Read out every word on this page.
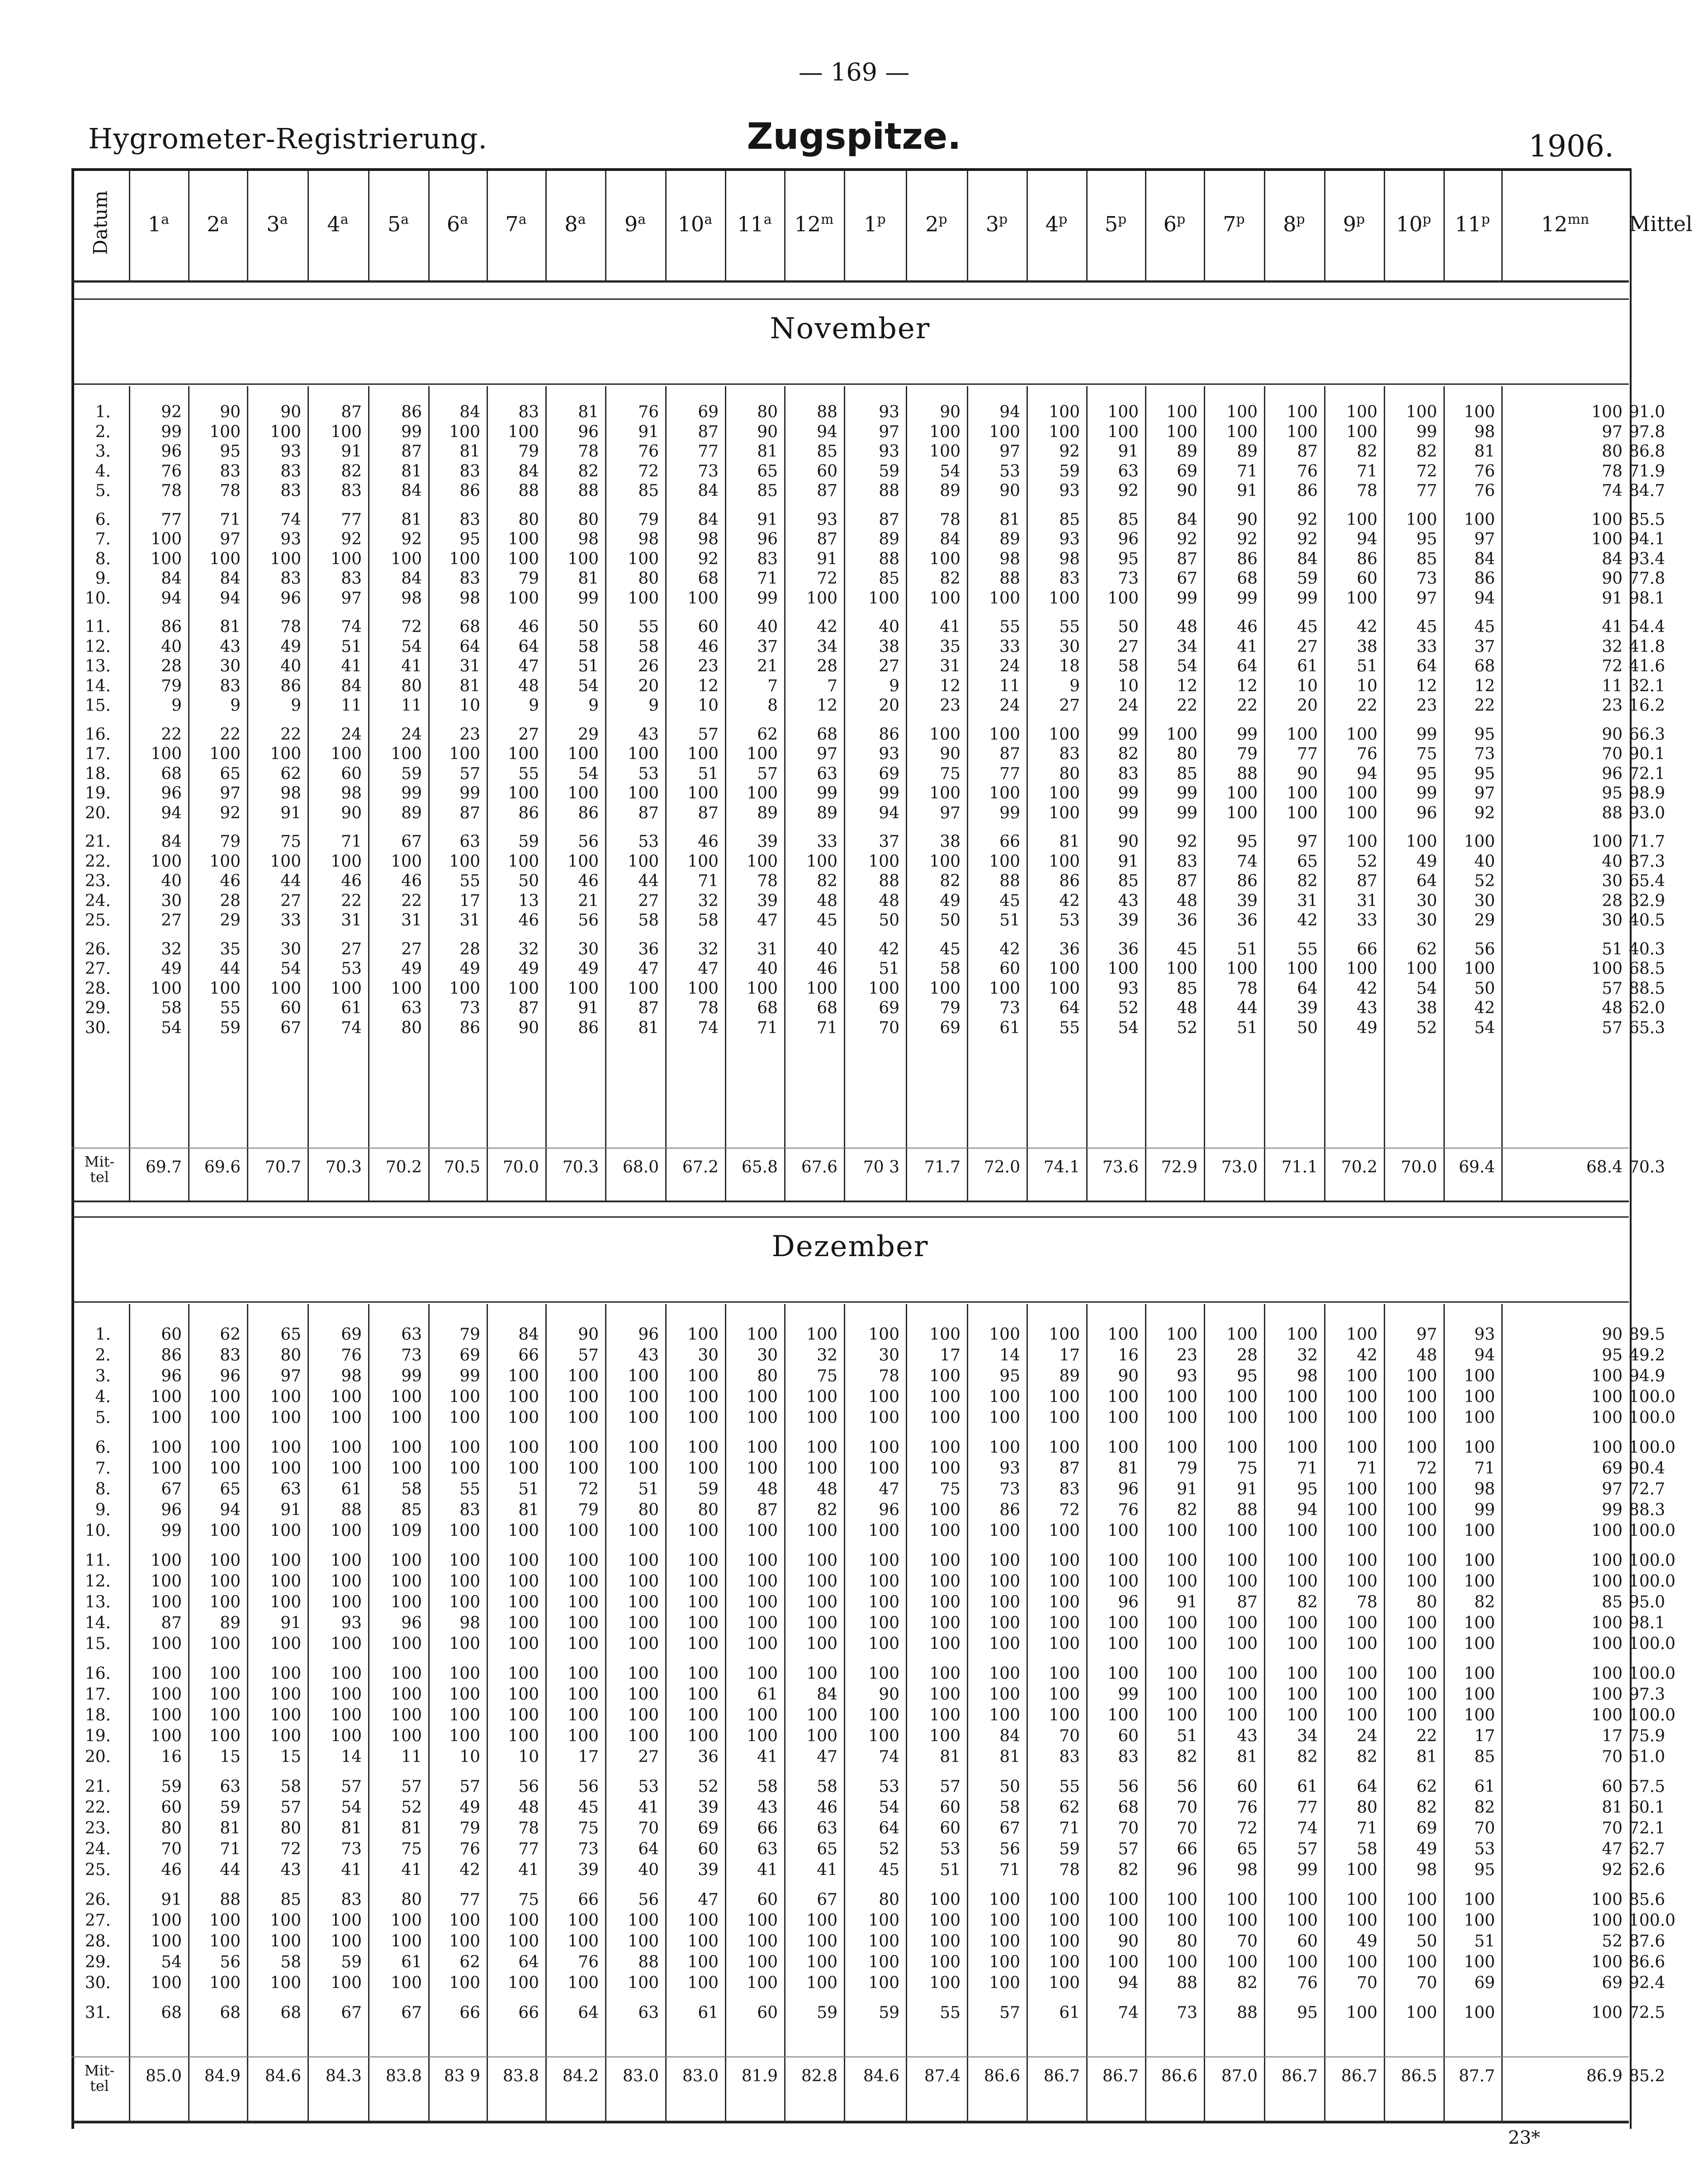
— 169 —
Hygrometer-Registrierung.	Zugspitze.	1906.
Datum	1$^a$	2$^a$	3$^a$	4$^a$	5$^a$	6$^a$	7$^a$	8$^a$	9$^a$	10$^a$	11$^a$	12$^m$	1$^p$	2$^p$	3$^p$	4$^p$	5$^p$	6$^p$	7$^p$	8$^p$	9$^p$	10$^p$	11$^p$	$12^{mn}$	Mittel
November
1.	92	90	90	87	86	84	83	81	76	69	80	88	93	90	94	100	100	100	100	100	100	100	100	100 91.0
2.	99	100	100	100	99	100	100	96	91	87	90	94	97	100	100	100	100	100	100	100	100	99	98	97 97.8
3.	96	95	93	91	87	81	79	78	76	77	81	85	93	100	97	92	91	89	89	87	82	82	81	80 86.8
4.	76	83	83	82	81	83	84	82	72	73	65	60	59	54	53	59	63	69	71	76	71	72	76	78 71.9
5.	78	78	83	83	84	86	88	88	85	84	85	87	88	89	90	93	92	90	91	86	78	77	76	74 84.7
6.	77	71	74	77	81	83	80	80	79	84	91	93	87	78	81	85	85	84	90	92	100	100	100	100 85.5
7.	100	97	93	92	92	95	100	98	98	98	96	87	89	84	89	93	96	92	92	92	94	95	97	100 94.1
8.	100	100	100	100	100	100	100	100	100	92	83	91	88	100	98	98	95	87	86	84	86	85	84	84 93.4
9.	84	84	83	83	84	83	79	81	80	68	71	72	85	82	88	83	73	67	68	59	60	73	86	90 77.8
10.	94	94	96	97	98	98	100	99	100	100	99	100	100	100	100	100	100	99	99	99	100	97	94	91 98.1
11.	86	81	78	74	72	68	46	50	55	60	40	42	40	41	55	55	50	48	46	45	42	45	45	41 54.4
12.	40	43	49	51	54	64	64	58	58	46	37	34	38	35	33	30	27	34	41	27	38	33	37	32 41.8
13.	28	30	40	41	41	31	47	51	26	23	21	28	27	31	24	18	58	54	64	61	51	64	68	72 41.6
14.	79	83	86	84	80	81	48	54	20	12	7	7	9	12	11	9	10	12	12	10	10	12	12	11 32.1
15.	9	9	9	11	11	10	9	9	9	10	8	12	20	23	24	27	24	22	22	20	22	23	22	23 16.2
16.	22	22	22	24	24	23	27	29	43	57	62	68	86	100	100	100	99	100	99	100	100	99	95	90 66.3
17.	100	100	100	100	100	100	100	100	100	100	100	97	93	90	87	83	82	80	79	77	76	75	73	70 90.1
18.	68	65	62	60	59	57	55	54	53	51	57	63	69	75	77	80	83	85	88	90	94	95	95	96 72.1
19.	96	97	98	98	99	99	100	100	100	100	100	99	99	100	100	100	99	99	100	100	100	99	97	95 98.9
20.	94	92	91	90	89	87	86	86	87	87	89	89	94	97	99	100	99	99	100	100	100	96	92	88 93.0
21.	84	79	75	71	67	63	59	56	53	46	39	33	37	38	66	81	90	92	95	97	100	100	100	100 71.7
22.	100	100	100	100	100	100	100	100	100	100	100	100	100	100	100	100	91	83	74	65	52	49	40	40 87.3
23.	40	46	44	46	46	55	50	46	44	71	78	82	88	82	88	86	85	87	86	82	87	64	52	30 65.4
24.	30	28	27	22	22	17	13	21	27	32	39	48	48	49	45	42	43	48	39	31	31	30	30	28 32.9
25.	27	29	33	31	31	31	46	56	58	58	47	45	50	50	51	53	39	36	36	42	33	30	29	30 40.5
26.	32	35	30	27	27	28	32	30	36	32	31	40	42	45	42	36	36	45	51	55	66	62	56	51 40.3
27.	49	44	54	53	49	49	49	49	47	47	40	46	51	58	60	100	100	100	100	100	100	100	100	100 68.5
28.	100	100	100	100	100	100	100	100	100	100	100	100	100	100	100	100	93	85	78	64	42	54	50	57 88.5
29.	58	55	60	61	63	73	87	91	87	78	68	68	69	79	73	64	52	48	44	39	43	38	42	48 62.0
30.	54	59	67	74	80	86	90	86	81	74	71	71	70	69	61	55	54	52	51	50	49	52	54	57 65.3
Mit-
tel
69.7	69.6	70.7	70.3	70.2	70.5	70.0	70.3	68.0	67.2	65.8	67.6	70 3	71.7	72.0	74.1	73.6	72.9	73.0	71.1	70.2	70.0	69.4	68.4 70.3
Dezember
1.	60	62	65	69	63	79	84	90	96	100	100	100	100	100	100	100	100	100	100	100	100	97	93	90 89.5
2.	86	83	80	76	73	69	66	57	43	30	30	32	30	17	14	17	16	23	28	32	42	48	94	95 49.2
3.	96	96	97	98	99	99	100	100	100	100	80	75	78	100	95	89	90	93	95	98	100	100	100	100 94.9
4.	100	100	100	100	100	100	100	100	100	100	100	100	100	100	100	100	100	100	100	100	100	100	100	100 100.0
5.	100	100	100	100	100	100	100	100	100	100	100	100	100	100	100	100	100	100	100	100	100	100	100	100 100.0
6.	100	100	100	100	100	100	100	100	100	100	100	100	100	100	100	100	100	100	100	100	100	100	100	100 100.0
7.	100	100	100	100	100	100	100	100	100	100	100	100	100	100	93	87	81	79	75	71	71	72	71	69 90.4
8.	67	65	63	61	58	55	51	72	51	59	48	48	47	75	73	83	96	91	91	95	100	100	98	97 72.7
9.	96	94	91	88	85	83	81	79	80	80	87	82	96	100	86	72	76	82	88	94	100	100	99	99 88.3
10.	99	100	100	100	109	100	100	100	100	100	100	100	100	100	100	100	100	100	100	100	100	100	100	100 100.0
11.	100	100	100	100	100	100	100	100	100	100	100	100	100	100	100	100	100	100	100	100	100	100	100	100 100.0
12.	100	100	100	100	100	100	100	100	100	100	100	100	100	100	100	100	100	100	100	100	100	100	100	100 100.0
13.	100	100	100	100	100	100	100	100	100	100	100	100	100	100	100	100	96	91	87	82	78	80	82	85 95.0
14.	87	89	91	93	96	98	100	100	100	100	100	100	100	100	100	100	100	100	100	100	100	100	100	100 98.1
15.	100	100	100	100	100	100	100	100	100	100	100	100	100	100	100	100	100	100	100	100	100	100	100	100 100.0
16.	100	100	100	100	100	100	100	100	100	100	100	100	100	100	100	100	100	100	100	100	100	100	100	100 100.0
17.	100	100	100	100	100	100	100	100	100	100	61	84	90	100	100	100	99	100	100	100	100	100	100	100 97.3
18.	100	100	100	100	100	100	100	100	100	100	100	100	100	100	100	100	100	100	100	100	100	100	100	100 100.0
19.	100	100	100	100	100	100	100	100	100	100	100	100	100	100	84	70	60	51	43	34	24	22	17	17 75.9
20.	16	15	15	14	11	10	10	17	27	36	41	47	74	81	81	83	83	82	81	82	82	81	85	70 51.0
21.	59	63	58	57	57	57	56	56	53	52	58	58	53	57	50	55	56	56	60	61	64	62	61	60 57.5
22.	60	59	57	54	52	49	48	45	41	39	43	46	54	60	58	62	68	70	76	77	80	82	82	81 60.1
23.	80	81	80	81	81	79	78	75	70	69	66	63	64	60	67	71	70	70	72	74	71	69	70	70 72.1
24.	70	71	72	73	75	76	77	73	64	60	63	65	52	53	56	59	57	66	65	57	58	49	53	47 62.7
25.	46	44	43	41	41	42	41	39	40	39	41	41	45	51	71	78	82	96	98	99	100	98	95	92 62.6
26.	91	88	85	83	80	77	75	66	56	47	60	67	80	100	100	100	100	100	100	100	100	100	100	100 85.6
27.	100	100	100	100	100	100	100	100	100	100	100	100	100	100	100	100	100	100	100	100	100	100	100	100 100.0
28.	100	100	100	100	100	100	100	100	100	100	100	100	100	100	100	100	90	80	70	60	49	50	51	52 87.6
29.	54	56	58	59	61	62	64	76	88	100	100	100	100	100	100	100	100	100	100	100	100	100	100	100 86.6
30.	100	100	100	100	100	100	100	100	100	100	100	100	100	100	100	100	94	88	82	76	70	70	69	69 92.4
31.	68	68	68	67	67	66	66	64	63	61	60	59	59	55	57	61	74	73	88	95	100	100	100	100 72.5
Mit-
tel
85.0	84.9	84.6	84.3	83.8	83 9	83.8	84.2	83.0	83.0	81.9	82.8	84.6	87.4	86.6	86.7	86.7	86.6	87.0	86.7	86.7	86.5	87.7	86.9 85.2
23*
